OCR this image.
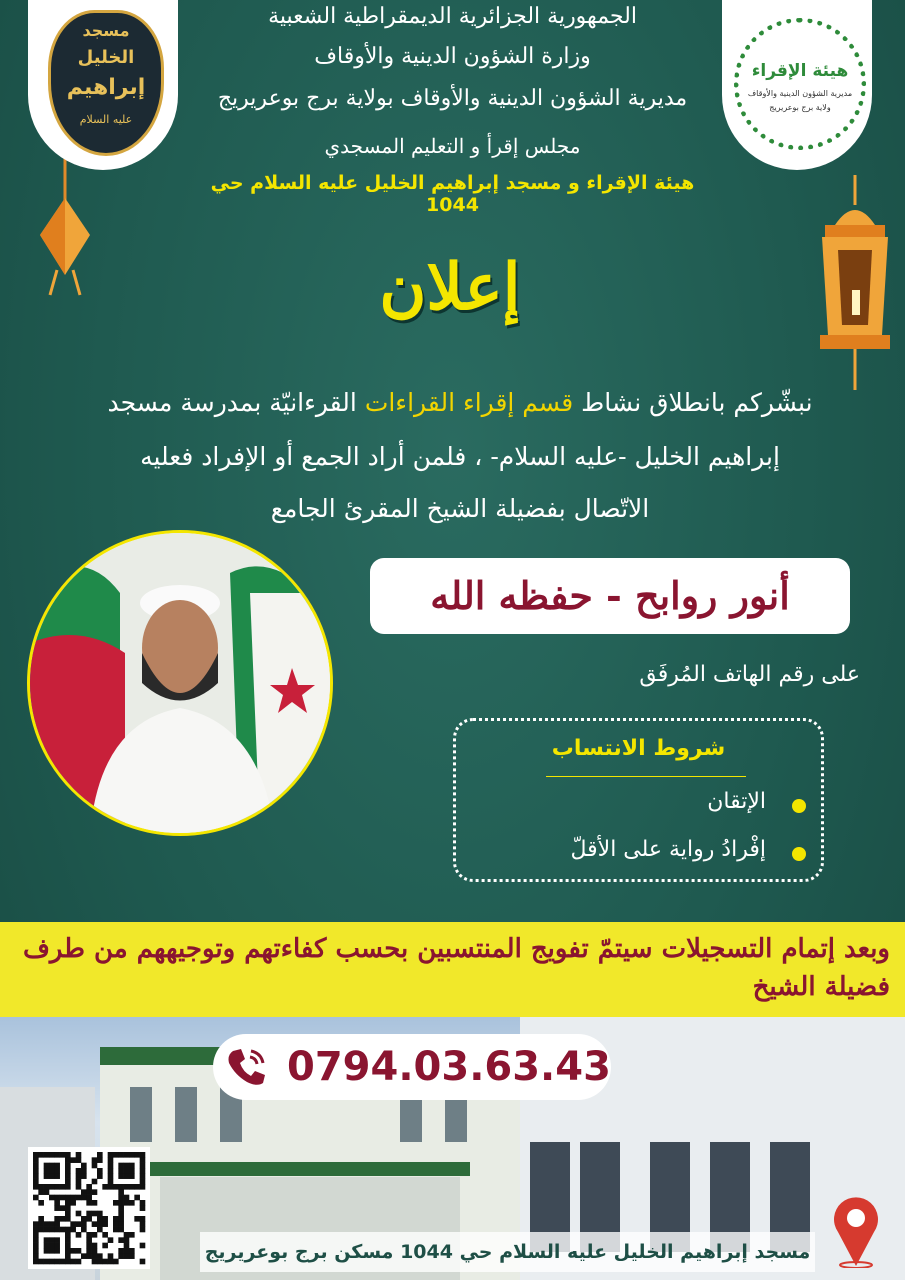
مسجد
الخليل
إبراهيم
عليه السلام
هيئة الإقراء
مديرية الشؤون الدينية والأوقاف
ولاية برج بوعريريج
الجمهورية الجزائرية الديمقراطية الشعبية
وزارة الشؤون الدينية والأوقاف
مديرية الشؤون الدينية والأوقاف بولاية برج بوعريريج
مجلس إقرأ و التعليم المسجدي
هيئة الإقراء و مسجد إبراهيم الخليل عليه السلام حي 1044
إعلان
نبشّركم بانطلاق نشاط قسم إقراء القراءات القرءانيّة بمدرسة مسجد
إبراهيم الخليل -عليه السلام- ، فلمن أراد الجمع أو الإفراد فعليه
الاتّصال بفضيلة الشيخ المقرئ الجامع
أنور روابح - حفظه الله
على رقم الهاتف المُرفَق
شروط الانتساب
الإتقان
إفْرادُ رواية على الأقلّ
وبعد إتمام التسجيلات سيتمّ تفويج المنتسبين بحسب كفاءتهم وتوجيههم من طرف فضيلة الشيخ
0794.03.63.43
مسجد إبراهيم الخليل عليه السلام حي 1044 مسكن برج بوعريريج
